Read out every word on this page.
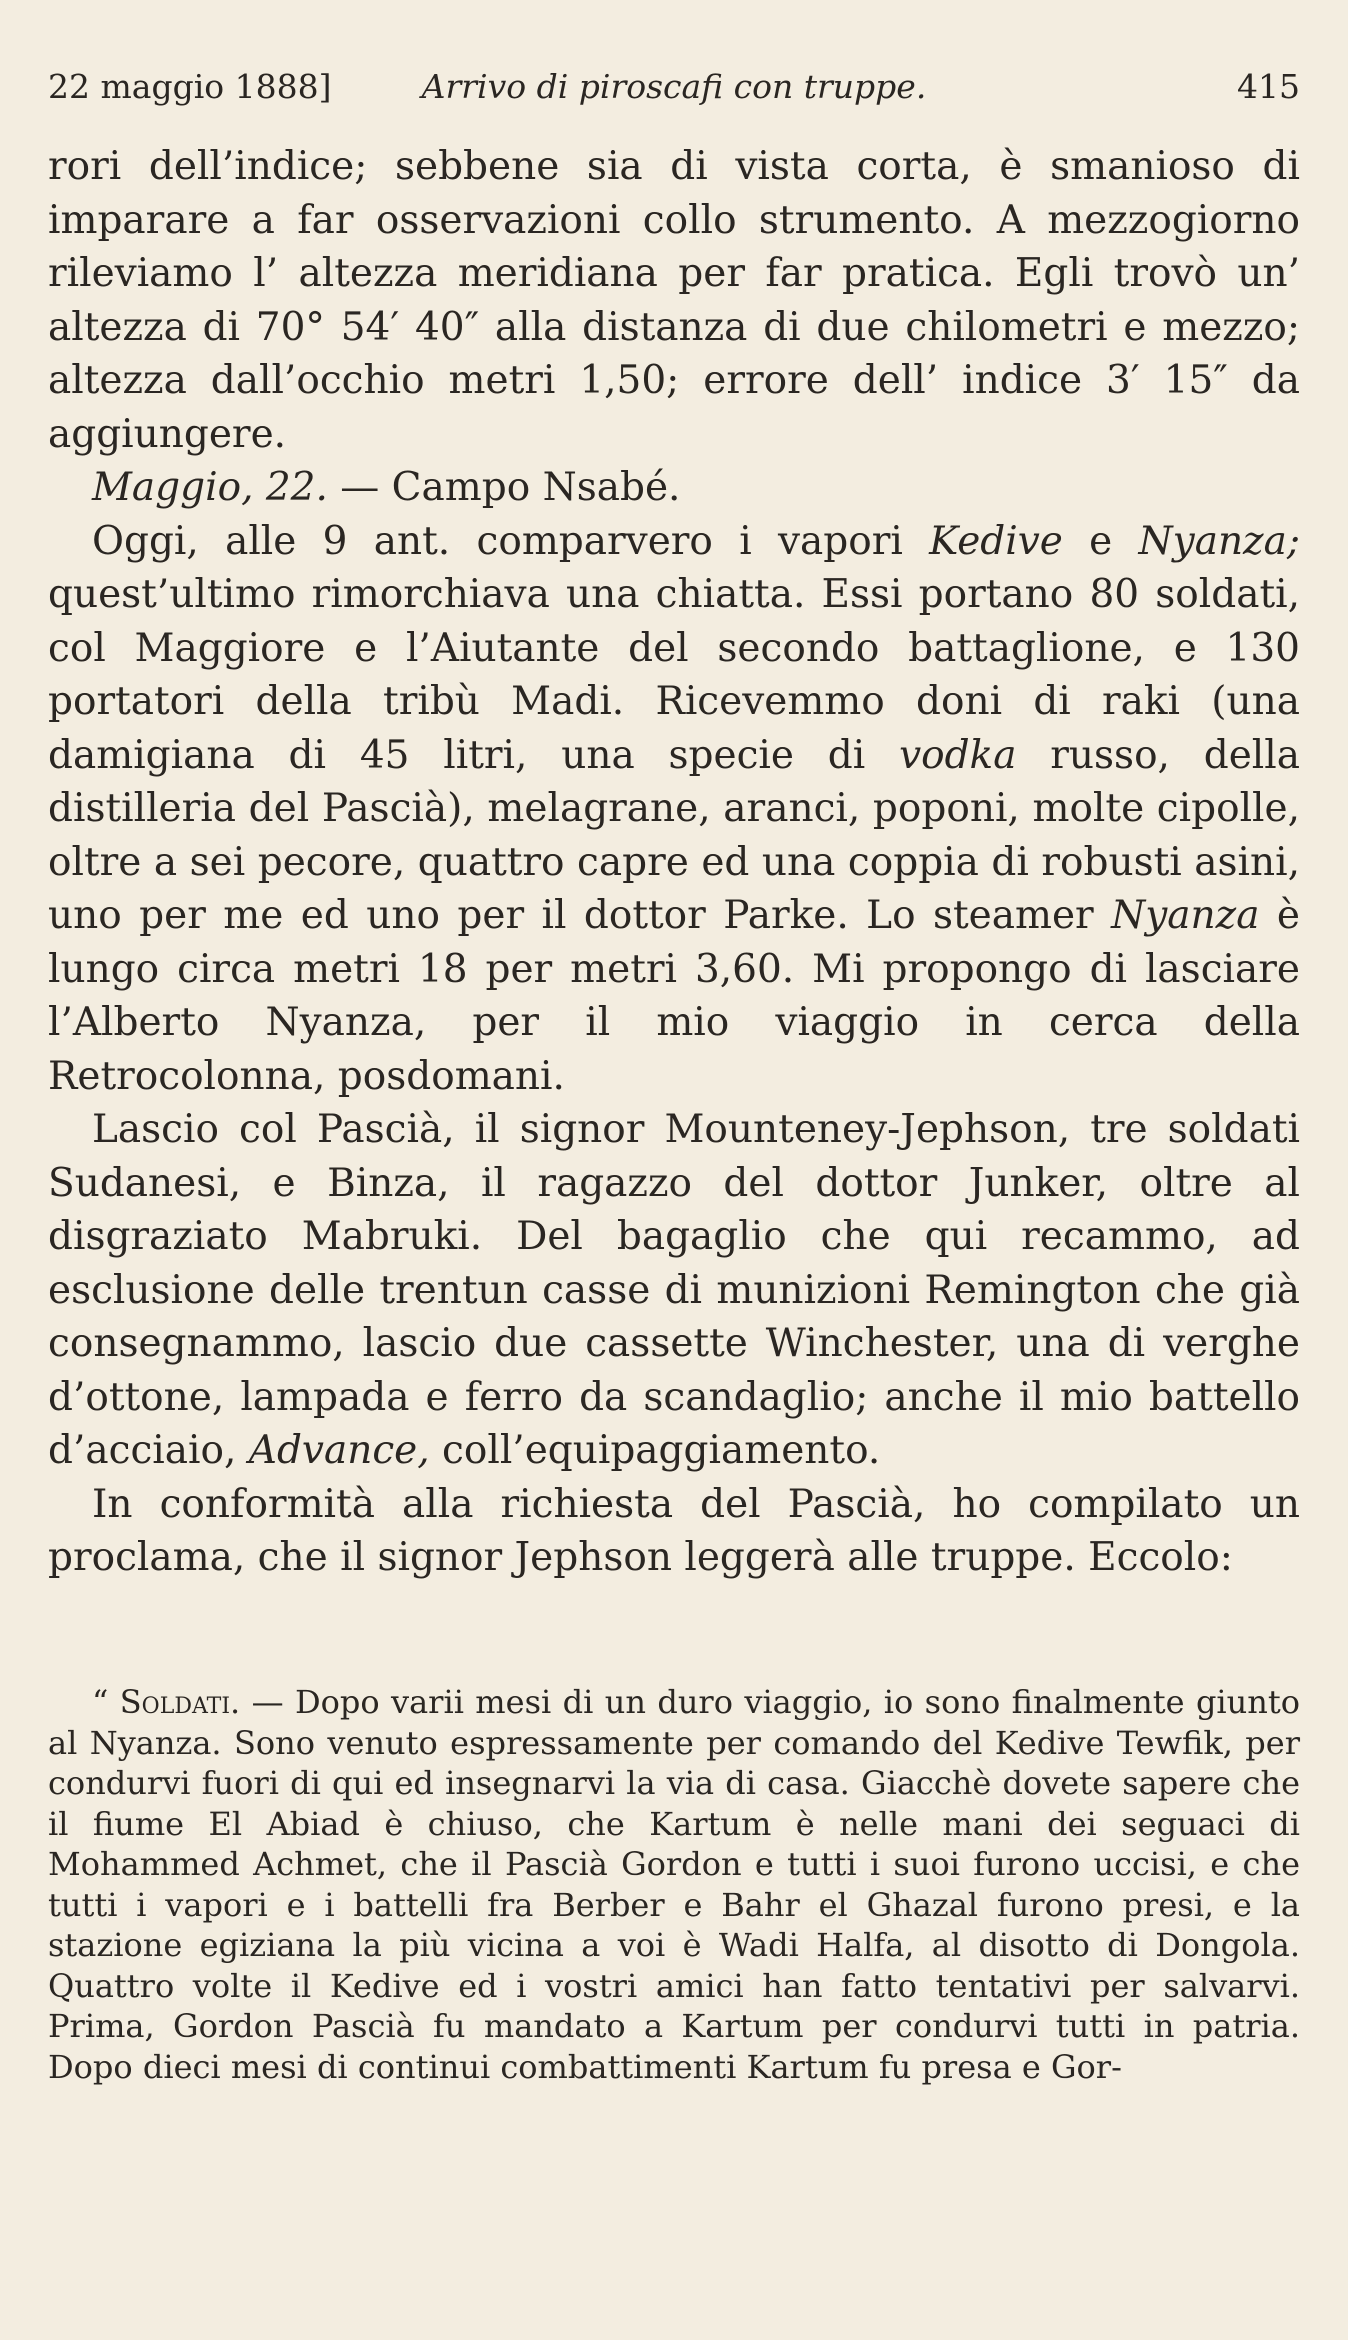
22 maggio 1888]	Arrivo di piroscafi con truppe.	415

rori dell’indice; sebbene sia di vista corta, è smanioso di imparare a far osservazioni collo strumento. A mezzogiorno rileviamo l’ altezza meridiana per far pratica. Egli trovò un’ altezza di 70° 54′ 40″ alla distanza di due chilometri e mezzo; altezza dall’occhio metri 1,50; errore dell’ indice 3′ 15″ da aggiungere.

Maggio, 22. — Campo Nsabé.

Oggi, alle 9 ant. comparvero i vapori Kedive e Nyanza; quest’ultimo rimorchiava una chiatta. Essi portano 80 soldati, col Maggiore e l’Aiutante del secondo battaglione, e 130 portatori della tribù Madi. Ricevemmo doni di raki (una damigiana di 45 litri, una specie di vodka russo, della distilleria del Pascià), melagrane, aranci, poponi, molte cipolle, oltre a sei pecore, quattro capre ed una coppia di robusti asini, uno per me ed uno per il dottor Parke. Lo steamer Nyanza è lungo circa metri 18 per metri 3,60. Mi propongo di lasciare l’Alberto Nyanza, per il mio viaggio in cerca della Retrocolonna, posdomani.

Lascio col Pascià, il signor Mounteney-Jephson, tre soldati Sudanesi, e Binza, il ragazzo del dottor Junker, oltre al disgraziato Mabruki. Del bagaglio che qui recammo, ad esclusione delle trentun casse di munizioni Remington che già consegnammo, lascio due cassette Winchester, una di verghe d’ottone, lampada e ferro da scandaglio; anche il mio battello d’acciaio, Advance, coll’equipaggiamento.

In conformità alla richiesta del Pascià, ho compilato un proclama, che il signor Jephson leggerà alle truppe. Eccolo:

“ Soldati. — Dopo varii mesi di un duro viaggio, io sono finalmente giunto al Nyanza. Sono venuto espressamente per comando del Kedive Tewfik, per condurvi fuori di qui ed insegnarvi la via di casa. Giacchè dovete sapere che il fiume El Abiad è chiuso, che Kartum è nelle mani dei seguaci di Mohammed Achmet, che il Pascià Gordon e tutti i suoi furono uccisi, e che tutti i vapori e i battelli fra Berber e Bahr el Ghazal furono presi, e la stazione egiziana la più vicina a voi è Wadi Halfa, al disotto di Dongola. Quattro volte il Kedive ed i vostri amici han fatto tentativi per salvarvi. Prima, Gordon Pascià fu mandato a Kartum per condurvi tutti in patria. Dopo dieci mesi di continui combattimenti Kartum fu presa e Gor-
